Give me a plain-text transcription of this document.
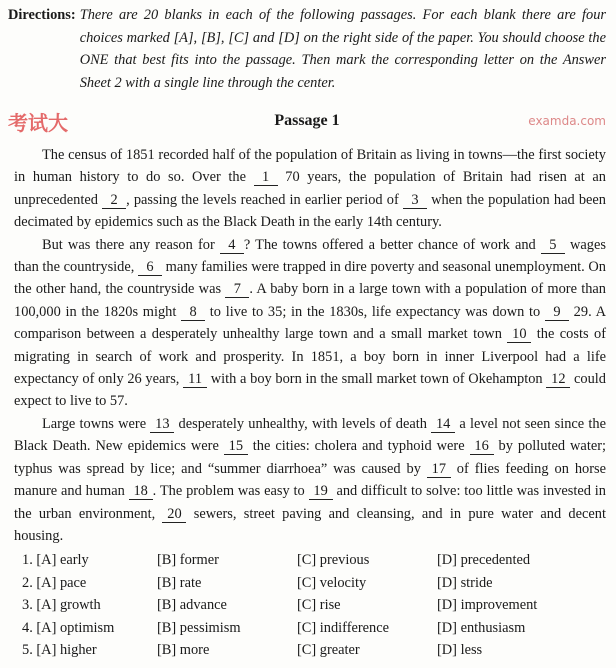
Directions: There are 20 blanks in each of the following passages. For each blank there are four choices marked [A], [B], [C] and [D] on the right side of the paper. You should choose the ONE that best fits into the passage. Then mark the corresponding letter on the Answer Sheet 2 with a single line through the center.
考试大	Passage 1	examda.com

The census of 1851 recorded half of the population of Britain as living in towns—the first society in human history to do so. Over the 1 70 years, the population of Britain had risen at an unprecedented 2 , passing the levels reached in earlier period of 3 when the population had been decimated by epidemics such as the Black Death in the early 14th century.

But was there any reason for 4 ? The towns offered a better chance of work and 5 wages than the countryside, 6 many families were trapped in dire poverty and seasonal unemployment. On the other hand, the countryside was 7 . A baby born in a large town with a population of more than 100,000 in the 1820s might 8 to live to 35; in the 1830s, life expectancy was down to 9 29. A comparison between a desperately unhealthy large town and a small market town 10 the costs of migrating in search of work and prosperity. In 1851, a boy born in inner Liverpool had a life expectancy of only 26 years, 11 with a boy born in the small market town of Okehampton 12 could expect to live to 57.

Large towns were 13 desperately unhealthy, with levels of death 14 a level not seen since the Black Death. New epidemics were 15 the cities: cholera and typhoid were 16 by polluted water; typhus was spread by lice; and “summer diarrhoea” was caused by 17 of flies feeding on horse manure and human 18 . The problem was easy to 19 and difficult to solve: too little was invested in the urban environment, 20 sewers, street paving and cleansing, and in pure water and decent housing.

1. [A] early	[B] former	[C] previous	[D] precedented
2. [A] pace	[B] rate	[C] velocity	[D] stride
3. [A] growth	[B] advance	[C] rise	[D] improvement
4. [A] optimism	[B] pessimism	[C] indifference	[D] enthusiasm
5. [A] higher	[B] more	[C] greater	[D] less
